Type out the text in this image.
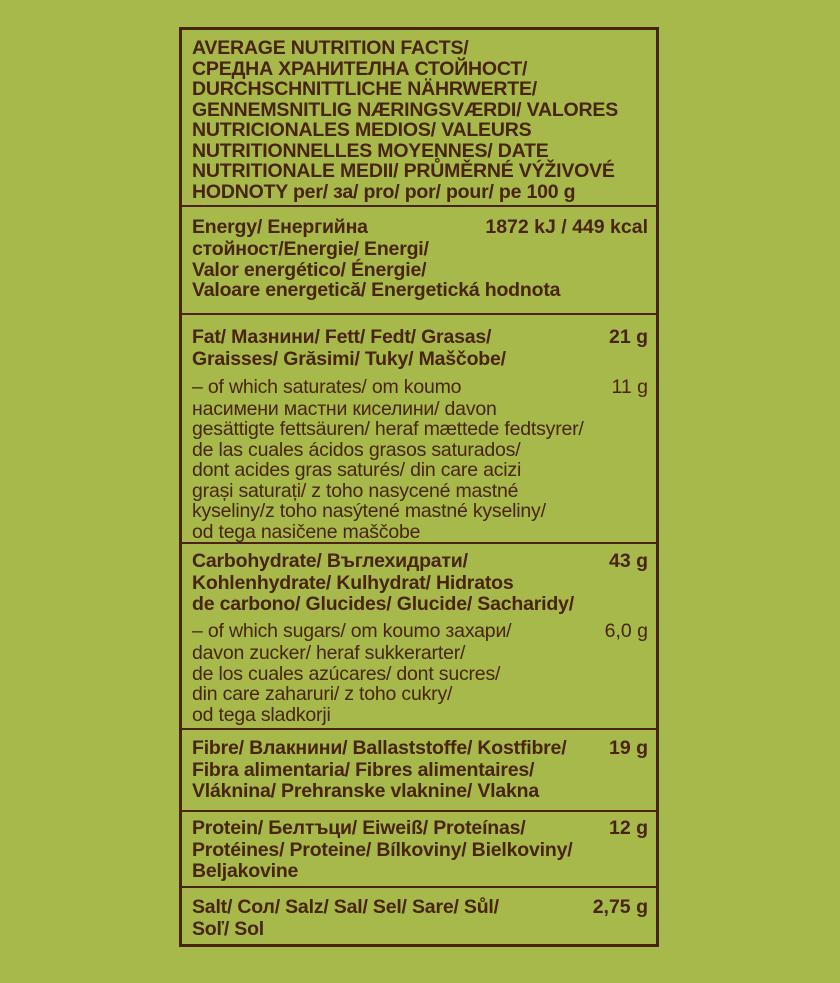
AVERAGE NUTRITION FACTS/
СРЕДНА ХРАНИТЕЛНА СТОЙНОСТ/
DURCHSCHNITTLICHE NÄHRWERTE/
GENNEMSNITLIG NÆRINGSVÆRDI/ VALORES
NUTRICIONALES MEDIOS/ VALEURS
NUTRITIONNELLES MOYENNES/ DATE
NUTRITIONALE MEDII/ PRŮMĚRNÉ VÝŽIVOVÉ
HODNOTY per/ за/ pro/ por/ pour/ pe 100 g
Energy/ Енергийна	1872 kJ / 449 kcal
стойност/Energie/ Energi/
Valor energético/ Énergie/
Valoare energetică/ Energetická hodnota
Fat/ Мазнини/ Fett/ Fedt/ Grasas/	21 g
Graisses/ Grăsimi/ Tuky/ Maščobe/
– of which saturates/ om koumo	11 g
насимени мастни киселини/ davon
gesättigte fettsäuren/ heraf mættede fedtsyrer/
de las cuales ácidos grasos saturados/
dont acides gras saturés/ din care acizi
grași saturați/ z toho nasycené mastné
kyseliny/z toho nasýtené mastné kyseliny/
od tega nasičene maščobe
Carbohydrate/ Въглехидрати/	43 g
Kohlenhydrate/ Kulhydrat/ Hidratos
de carbono/ Glucides/ Glucide/ Sacharidy/
– of which sugars/ om koumo захари/	6,0 g
davon zucker/ heraf sukkerarter/
de los cuales azúcares/ dont sucres/
din care zaharuri/ z toho cukry/
od tega sladkorji
Fibre/ Влакнини/ Ballaststoffe/ Kostfibre/ 19 g
Fibra alimentaria/ Fibres alimentaires/
Vláknina/ Prehranske vlaknine/ Vlakna
Protein/ Белтъци/ Eiweiß/ Proteínas/	12 g
Protéines/ Proteine/ Bílkoviny/ Bielkoviny/
Beljakovine
Salt/ Сол/ Salz/ Sal/ Sel/ Sare/ Sůl/	2,75 g
Soľ/ Sol
